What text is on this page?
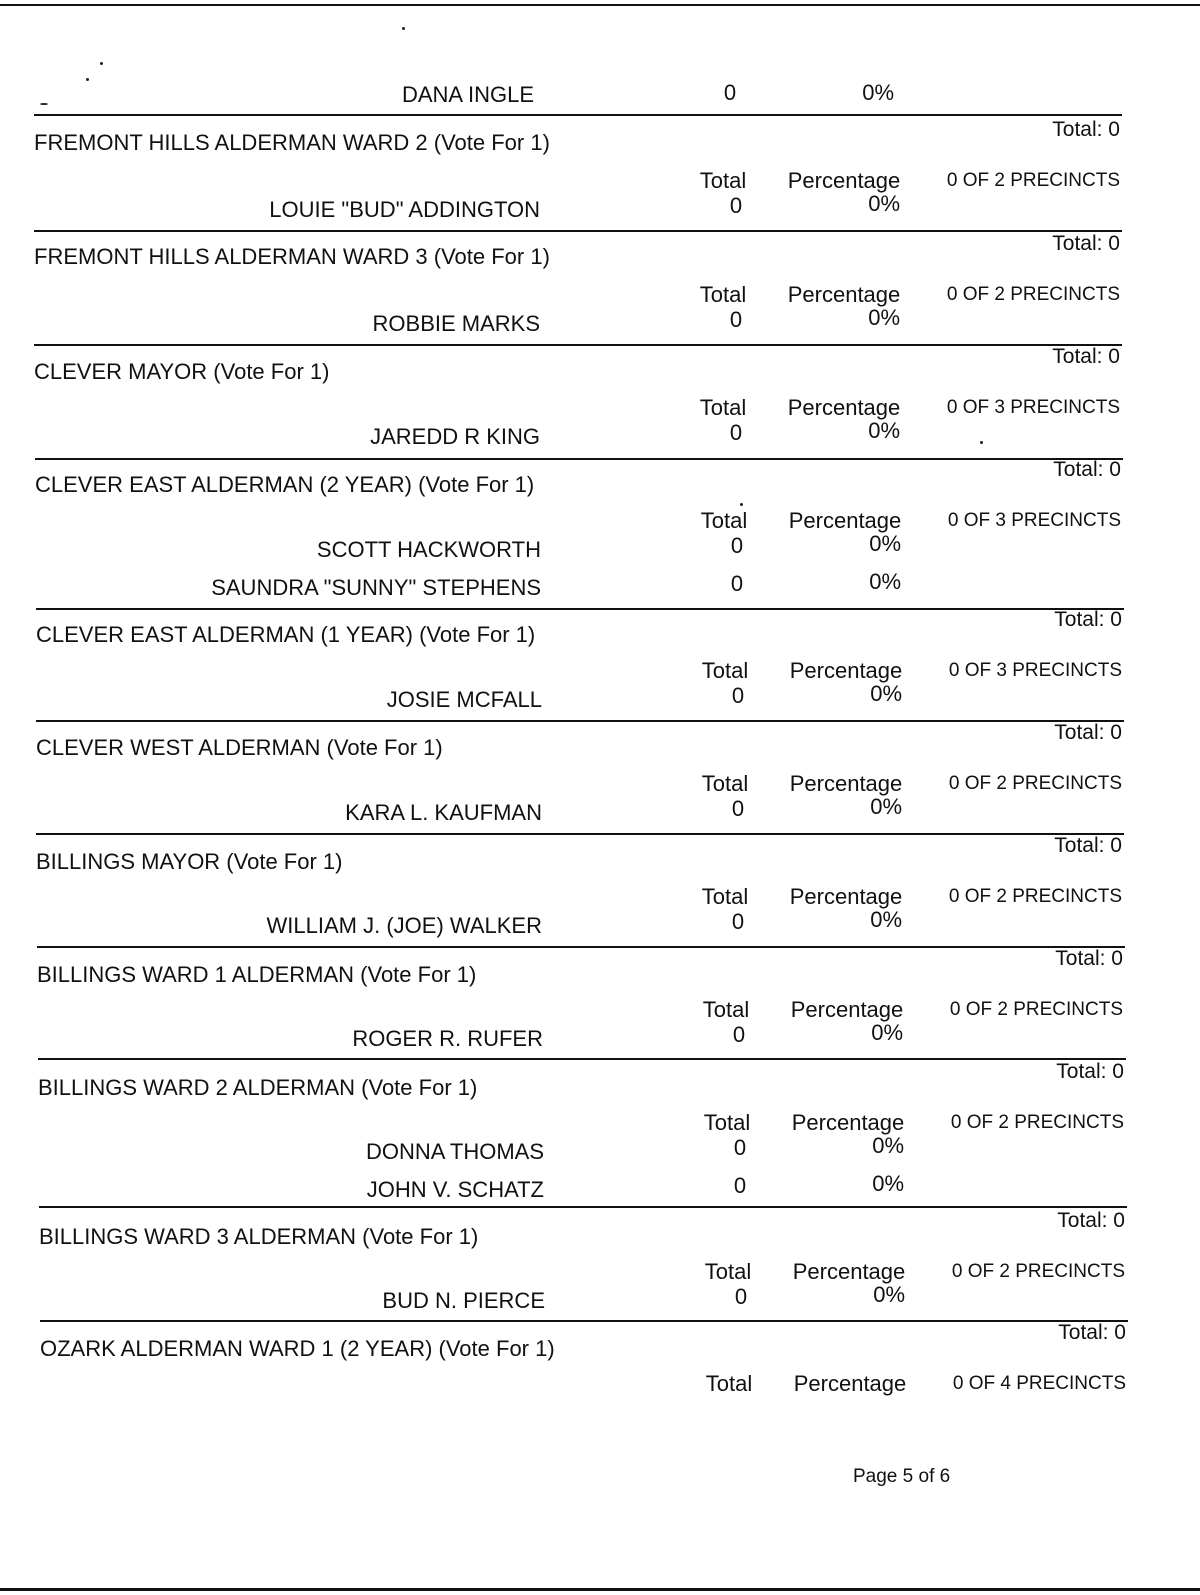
DANA INGLE	0	0%
FREMONT HILLS ALDERMAN WARD 2 (Vote For 1)
Total: 0
Total	Percentage	0 OF 2 PRECINCTS
LOUIE "BUD" ADDINGTON	0	0%
FREMONT HILLS ALDERMAN WARD 3 (Vote For 1)
Total: 0
Total	Percentage	0 OF 2 PRECINCTS
ROBBIE MARKS	0	0%
CLEVER MAYOR (Vote For 1)
Total: 0
Total	Percentage	0 OF 3 PRECINCTS
JAREDD R KING	0	0%
CLEVER EAST ALDERMAN (2 YEAR) (Vote For 1)
Total: 0
Total	Percentage	0 OF 3 PRECINCTS
SCOTT HACKWORTH	0	0%
SAUNDRA "SUNNY" STEPHENS	0	0%
CLEVER EAST ALDERMAN (1 YEAR) (Vote For 1)
Total: 0
Total	Percentage	0 OF 3 PRECINCTS
JOSIE MCFALL	0	0%
CLEVER WEST ALDERMAN (Vote For 1)
Total: 0
Total	Percentage	0 OF 2 PRECINCTS
KARA L. KAUFMAN	0	0%
BILLINGS MAYOR (Vote For 1)
Total: 0
Total	Percentage	0 OF 2 PRECINCTS
WILLIAM J. (JOE) WALKER	0	0%
BILLINGS WARD 1 ALDERMAN (Vote For 1)
Total: 0
Total	Percentage	0 OF 2 PRECINCTS
ROGER R. RUFER	0	0%
BILLINGS WARD 2 ALDERMAN (Vote For 1)
Total: 0
Total	Percentage	0 OF 2 PRECINCTS
DONNA THOMAS	0	0%
JOHN V. SCHATZ	0	0%
BILLINGS WARD 3 ALDERMAN (Vote For 1)
Total: 0
Total	Percentage	0 OF 2 PRECINCTS
BUD N. PIERCE	0	0%
OZARK ALDERMAN WARD 1 (2 YEAR) (Vote For 1)
Total: 0
Total	Percentage	0 OF 4 PRECINCTS
Page 5 of 6
